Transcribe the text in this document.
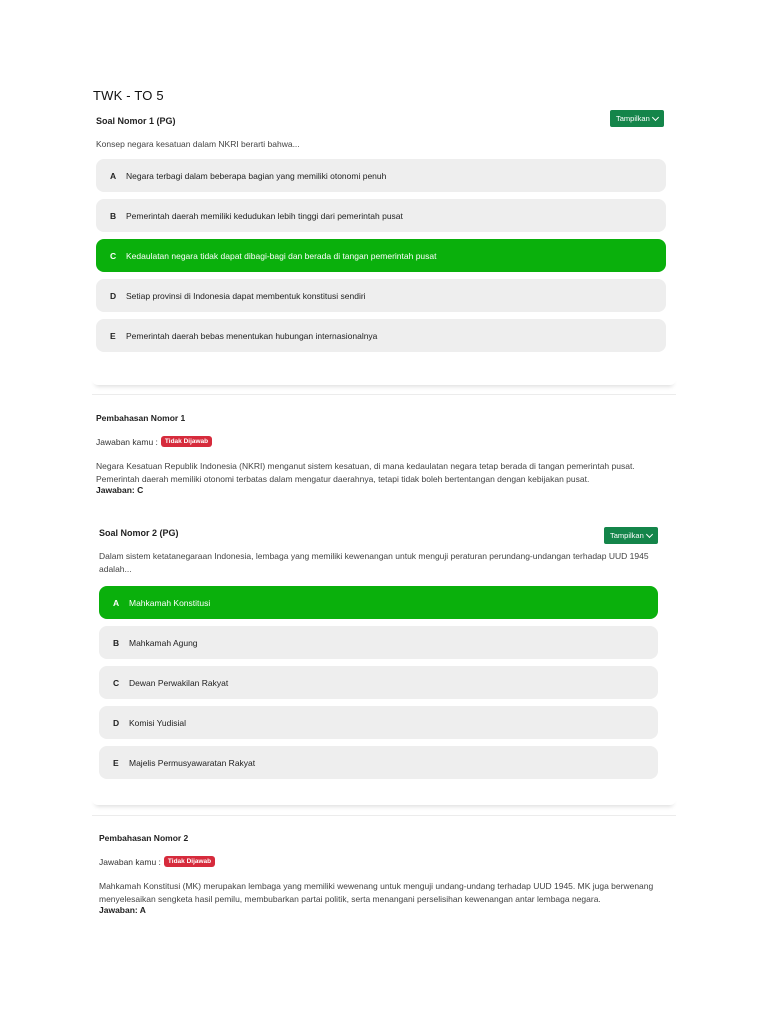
TWK - TO 5
Soal Nomor 1 (PG)	Tampilkan
Konsep negara kesatuan dalam NKRI berarti bahwa...
A	Negara terbagi dalam beberapa bagian yang memiliki otonomi penuh
B	Pemerintah daerah memiliki kedudukan lebih tinggi dari pemerintah pusat
C	Kedaulatan negara tidak dapat dibagi-bagi dan berada di tangan pemerintah pusat
D	Setiap provinsi di Indonesia dapat membentuk konstitusi sendiri
E	Pemerintah daerah bebas menentukan hubungan internasionalnya
Pembahasan Nomor 1
Jawaban kamu :	Tidak Dijawab
Negara Kesatuan Republik Indonesia (NKRI) menganut sistem kesatuan, di mana kedaulatan negara tetap berada di tangan pemerintah pusat. Pemerintah daerah memiliki otonomi terbatas dalam mengatur daerahnya, tetapi tidak boleh bertentangan dengan kebijakan pusat.
Jawaban: C
Soal Nomor 2 (PG)	Tampilkan
Dalam sistem ketatanegaraan Indonesia, lembaga yang memiliki kewenangan untuk menguji peraturan perundang-undangan terhadap UUD 1945 adalah...
A	Mahkamah Konstitusi
B	Mahkamah Agung
C	Dewan Perwakilan Rakyat
D	Komisi Yudisial
E	Majelis Permusyawaratan Rakyat
Pembahasan Nomor 2
Jawaban kamu :	Tidak Dijawab
Mahkamah Konstitusi (MK) merupakan lembaga yang memiliki wewenang untuk menguji undang-undang terhadap UUD 1945. MK juga berwenang menyelesaikan sengketa hasil pemilu, membubarkan partai politik, serta menangani perselisihan kewenangan antar lembaga negara.
Jawaban: A
